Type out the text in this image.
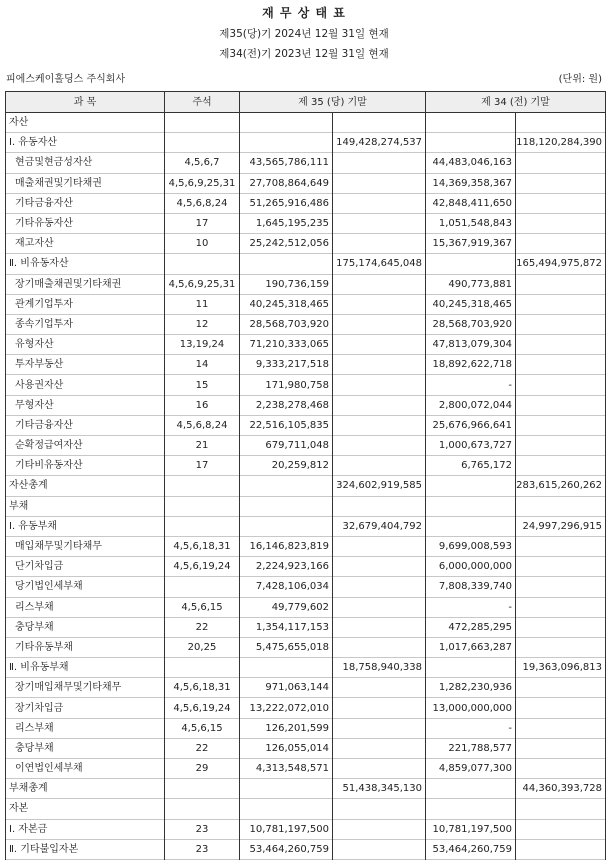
재 무 상 태 표
제35(당)기 2024년 12월 31일 현재
제34(전)기 2023년 12월 31일 현재
피에스케이홀딩스 주식회사	(단위: 원)
과 목	주석	제 35 (당) 기말		제 34 (전) 기말	
자산					
Ⅰ. 유동자산			149,428,274,537		118,120,284,390
현금및현금성자산	4,5,6,7	43,565,786,111		44,483,046,163	
매출채권및기타채권	4,5,6,9,25,31	27,708,864,649		14,369,358,367	
기타금융자산	4,5,6,8,24	51,265,916,486		42,848,411,650	
기타유동자산	17	1,645,195,235		1,051,548,843	
재고자산	10	25,242,512,056		15,367,919,367	
Ⅱ. 비유동자산			175,174,645,048		165,494,975,872
장기매출채권및기타채권	4,5,6,9,25,31	190,736,159		490,773,881	
관계기업투자	11	40,245,318,465		40,245,318,465	
종속기업투자	12	28,568,703,920		28,568,703,920	
유형자산	13,19,24	71,210,333,065		47,813,079,304	
투자부동산	14	9,333,217,518		18,892,622,718	
사용권자산	15	171,980,758		-	
무형자산	16	2,238,278,468		2,800,072,044	
기타금융자산	4,5,6,8,24	22,516,105,835		25,676,966,641	
순확정급여자산	21	679,711,048		1,000,673,727	
기타비유동자산	17	20,259,812		6,765,172	
자산총계			324,602,919,585		283,615,260,262
부채					
Ⅰ. 유동부채			32,679,404,792		24,997,296,915
매입채무및기타채무	4,5,6,18,31	16,146,823,819		9,699,008,593	
단기차입금	4,5,6,19,24	2,224,923,166		6,000,000,000	
당기법인세부채		7,428,106,034		7,808,339,740	
리스부채	4,5,6,15	49,779,602		-	
충당부채	22	1,354,117,153		472,285,295	
기타유동부채	20,25	5,475,655,018		1,017,663,287	
Ⅱ. 비유동부채			18,758,940,338		19,363,096,813
장기매입채무및기타채무	4,5,6,18,31	971,063,144		1,282,230,936	
장기차입금	4,5,6,19,24	13,222,072,010		13,000,000,000	
리스부채	4,5,6,15	126,201,599		-	
충당부채	22	126,055,014		221,788,577	
이연법인세부채	29	4,313,548,571		4,859,077,300	
부채총계			51,438,345,130		44,360,393,728
자본					
Ⅰ. 자본금	23	10,781,197,500		10,781,197,500	
Ⅱ. 기타불입자본	23	53,464,260,759		53,464,260,759	
